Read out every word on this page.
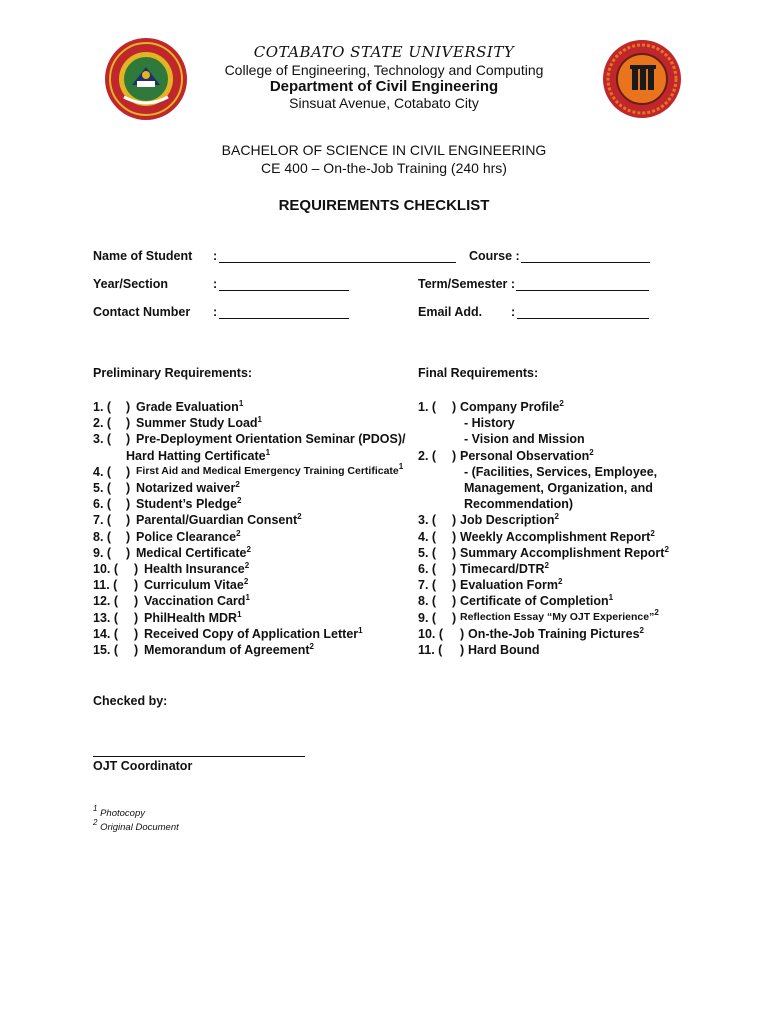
COTABATO STATE UNIVERSITY
College of Engineering, Technology and Computing
Department of Civil Engineering
Sinsuat Avenue, Cotabato City
BACHELOR OF SCIENCE IN CIVIL ENGINEERING
CE 400 – On-the-Job Training (240 hrs)
REQUIREMENTS CHECKLIST
Name of Student :	Course :
Year/Section	:	Term/Semester :
Contact Number :	Email Add. :
Preliminary Requirements:	Final Requirements:
1. ( ) Grade Evaluation$^1$
2. ( ) Summer Study Load$^1$
3. ( ) Pre-Deployment Orientation Seminar (PDOS)/
Hard Hatting Certificate$^1$
4. ( ) First Aid and Medical Emergency Training Certificate$^1$
5. ( ) Notarized waiver$^2$
6. ( ) Student’s Pledge$^2$
7. ( ) Parental/Guardian Consent$^2$
8. ( ) Police Clearance$^2$
9. ( ) Medical Certificate$^2$
10. ( ) Health Insurance$^2$
11. ( ) Curriculum Vitae$^2$
12. ( ) Vaccination Card$^1$
13. ( ) PhilHealth MDR$^1$
14. ( ) Received Copy of Application Letter$^1$
15. ( ) Memorandum of Agreement$^2$
1. ( ) Company Profile$^2$
- History
- Vision and Mission
2. ( ) Personal Observation$^2$
- (Facilities, Services, Employee,
Management, Organization, and
Recommendation)
3. ( ) Job Description$^2$
4. ( ) Weekly Accomplishment Report$^2$
5. ( ) Summary Accomplishment Report$^2$
6. ( ) Timecard/DTR$^2$
7. ( ) Evaluation Form$^2$
8. ( ) Certificate of Completion$^1$
9. ( ) Reflection Essay “My OJT Experience”$^2$
10. ( ) On-the-Job Training Pictures$^2$
11. ( ) Hard Bound
Checked by:
OJT Coordinator
$^1$ Photocopy
$^2$ Original Document
